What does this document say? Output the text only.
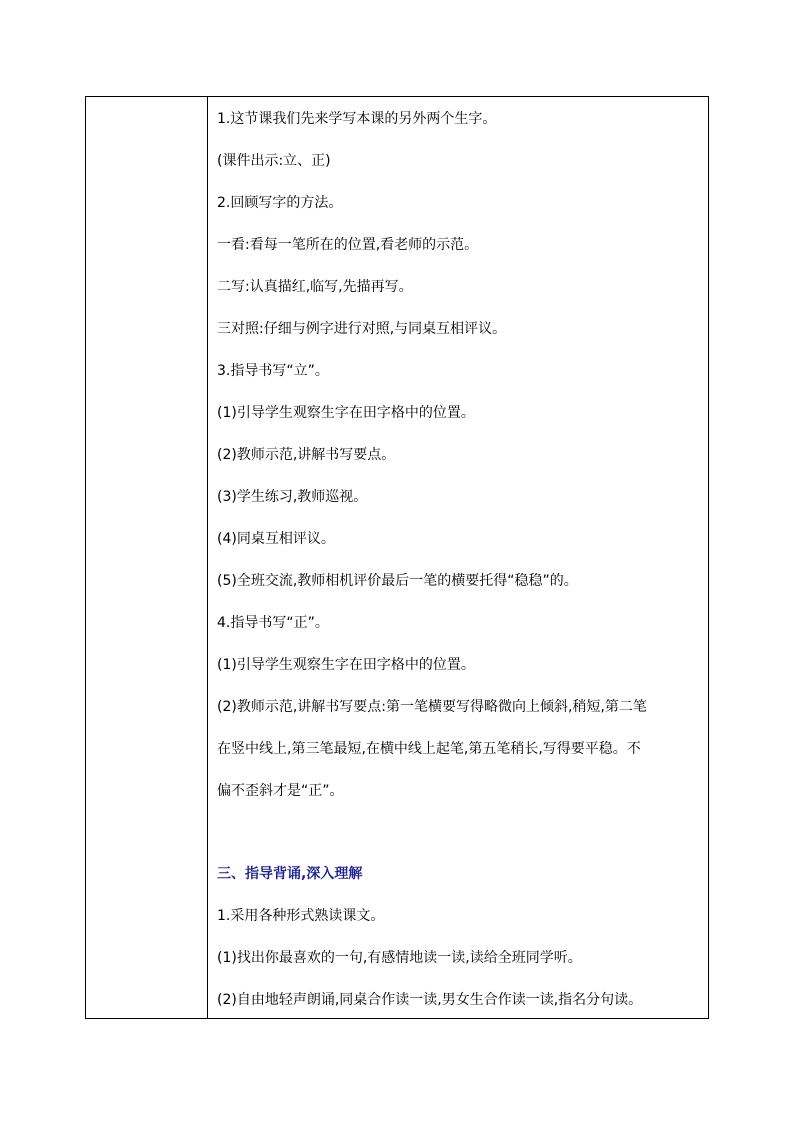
1.这节课我们先来学写本课的另外两个生字。
(课件出示:立、正)
2.回顾写字的方法。
一看:看每一笔所在的位置,看老师的示范。
二写:认真描红,临写,先描再写。
三对照:仔细与例字进行对照,与同桌互相评议。
3.指导书写“立”。
(1)引导学生观察生字在田字格中的位置。
(2)教师示范,讲解书写要点。
(3)学生练习,教师巡视。
(4)同桌互相评议。
(5)全班交流,教师相机评价最后一笔的横要托得“稳稳”的。
4.指导书写“正”。
(1)引导学生观察生字在田字格中的位置。
(2)教师示范,讲解书写要点:第一笔横要写得略微向上倾斜,稍短,第二笔
在竖中线上,第三笔最短,在横中线上起笔,第五笔稍长,写得要平稳。不
偏不歪斜才是“正”。
三、指导背诵,深入理解
1.采用各种形式熟读课文。
(1)找出你最喜欢的一句,有感情地读一读,读给全班同学听。
(2)自由地轻声朗诵,同桌合作读一读,男女生合作读一读,指名分句读。
